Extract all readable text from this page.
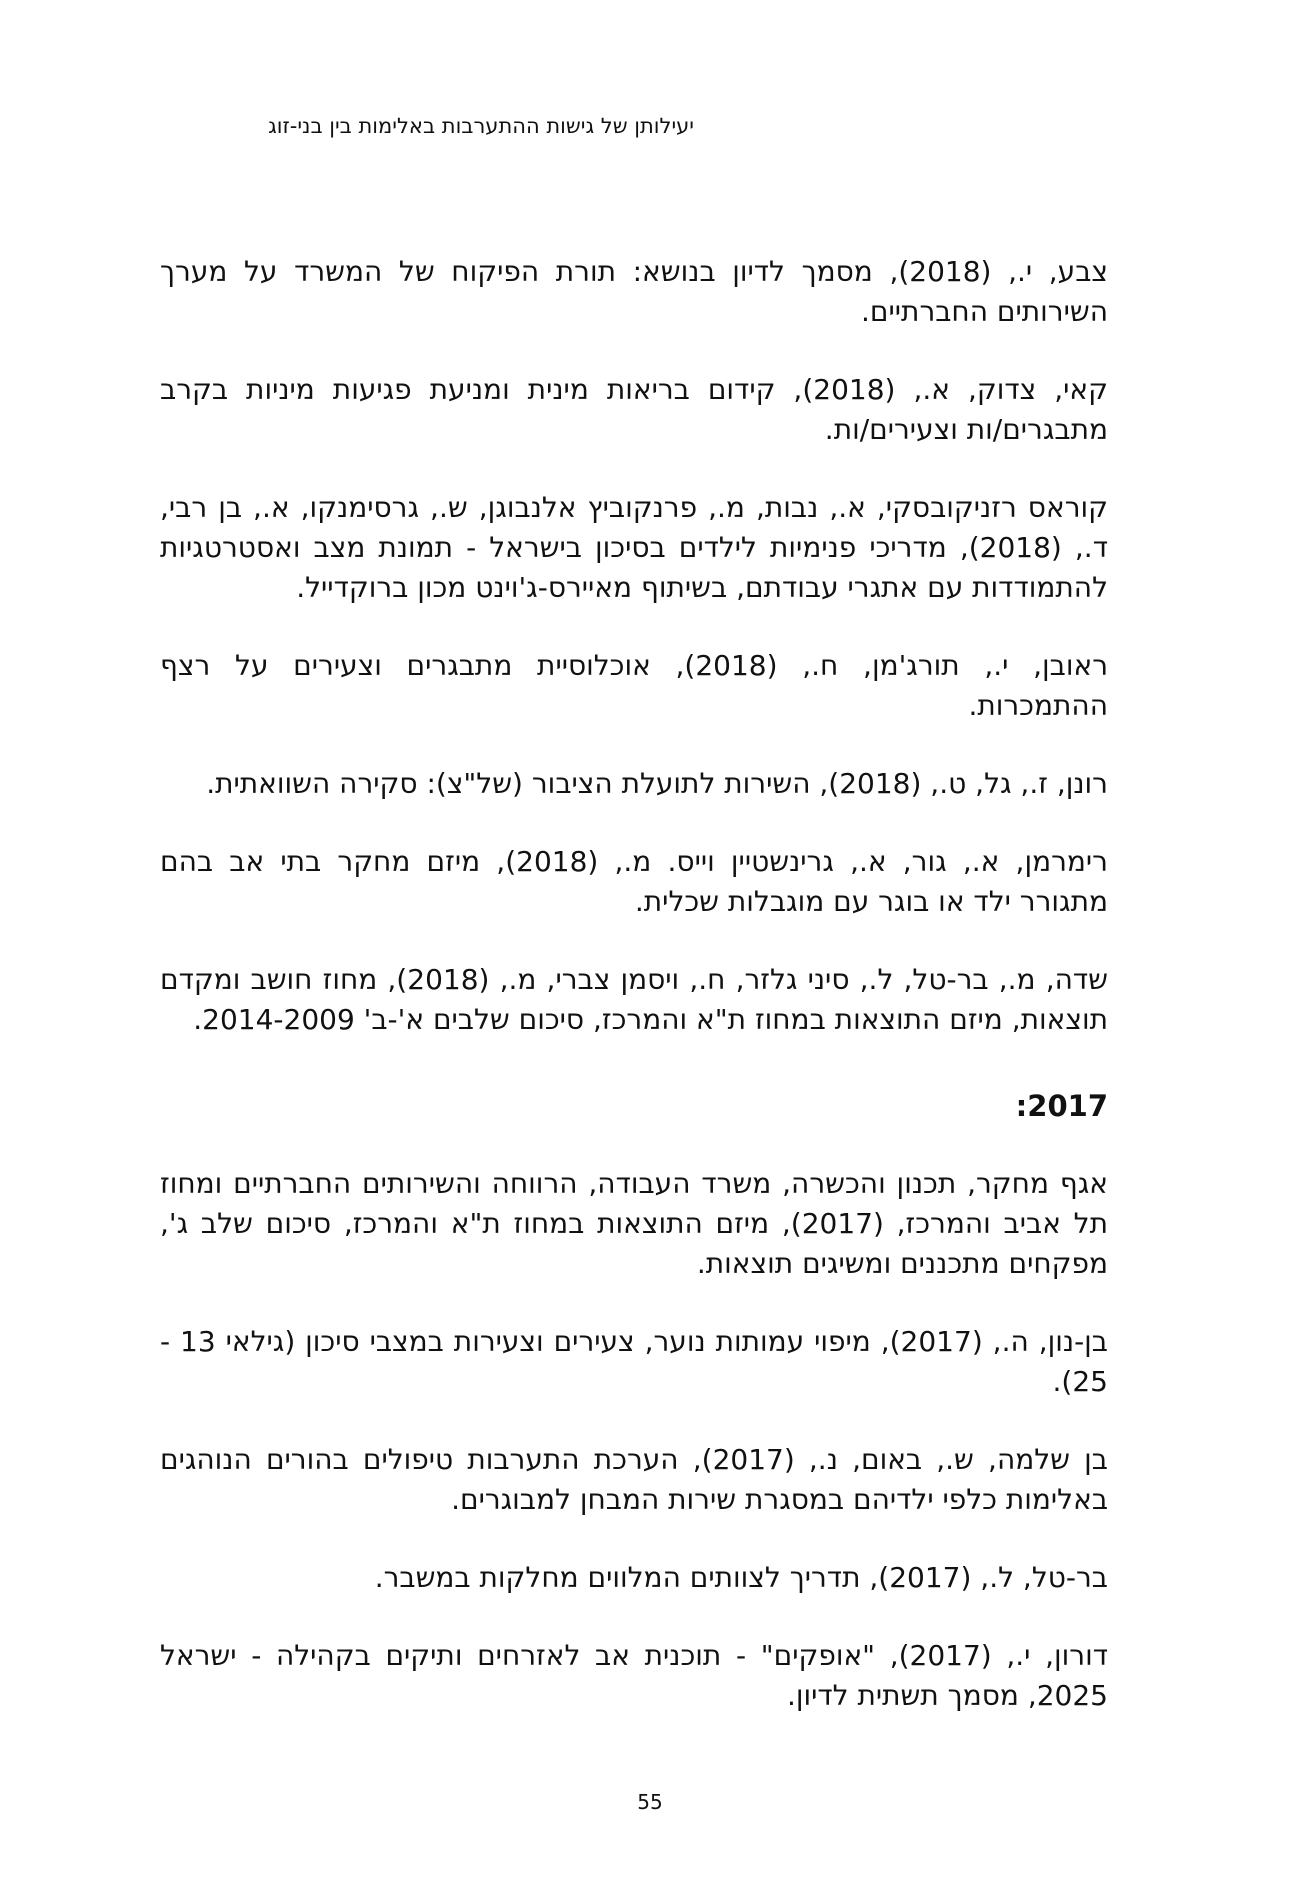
יעילותן של גישות ההתערבות באלימות בין בני-זוג

צבע, י., (2018), מסמך לדיון בנושא: תורת הפיקוח של המשרד על מערך השירותים החברתיים.

קאי, צדוק, א., (2018), קידום בריאות מינית ומניעת פגיעות מיניות בקרב מתבגרים/ות וצעירים/ות.

קוראס רזניקובסקי, א., נבות, מ., פרנקוביץ אלנבוגן, ש., גרסימנקו, א., בן רבי, ד., (2018), מדריכי פנימיות לילדים בסיכון בישראל - תמונת מצב ואסטרטגיות להתמודדות עם אתגרי עבודתם, בשיתוף מאיירס-ג'וינט מכון ברוקדייל.

ראובן, י., תורג'מן, ח., (2018), אוכלוסיית מתבגרים וצעירים על רצף ההתמכרות.

רונן, ז., גל, ט., (2018), השירות לתועלת הציבור (של"צ): סקירה השוואתית.

רימרמן, א., גור, א., גרינשטיין וייס. מ., (2018), מיזם מחקר בתי אב בהם מתגורר ילד או בוגר עם מוגבלות שכלית.

שדה, מ., בר-טל, ל., סיני גלזר, ח., ויסמן צברי, מ., (2018), מחוז חושב ומקדם תוצאות, מיזם התוצאות במחוז ת"א והמרכז, סיכום שלבים א'-ב' 2014-2009.

2017:

אגף מחקר, תכנון והכשרה, משרד העבודה, הרווחה והשירותים החברתיים ומחוז תל אביב והמרכז, (2017), מיזם התוצאות במחוז ת"א והמרכז, סיכום שלב ג', מפקחים מתכננים ומשיגים תוצאות.

בן-נון, ה., (2017), מיפוי עמותות נוער, צעירים וצעירות במצבי סיכון (גילאי 13 - 25).

בן שלמה, ש., באום, נ., (2017), הערכת התערבות טיפולים בהורים הנוהגים באלימות כלפי ילדיהם במסגרת שירות המבחן למבוגרים.

בר-טל, ל., (2017), תדריך לצוותים המלווים מחלקות במשבר.

דורון, י., (2017), "אופקים" - תוכנית אב לאזרחים ותיקים בקהילה - ישראל 2025, מסמך תשתית לדיון.

55
